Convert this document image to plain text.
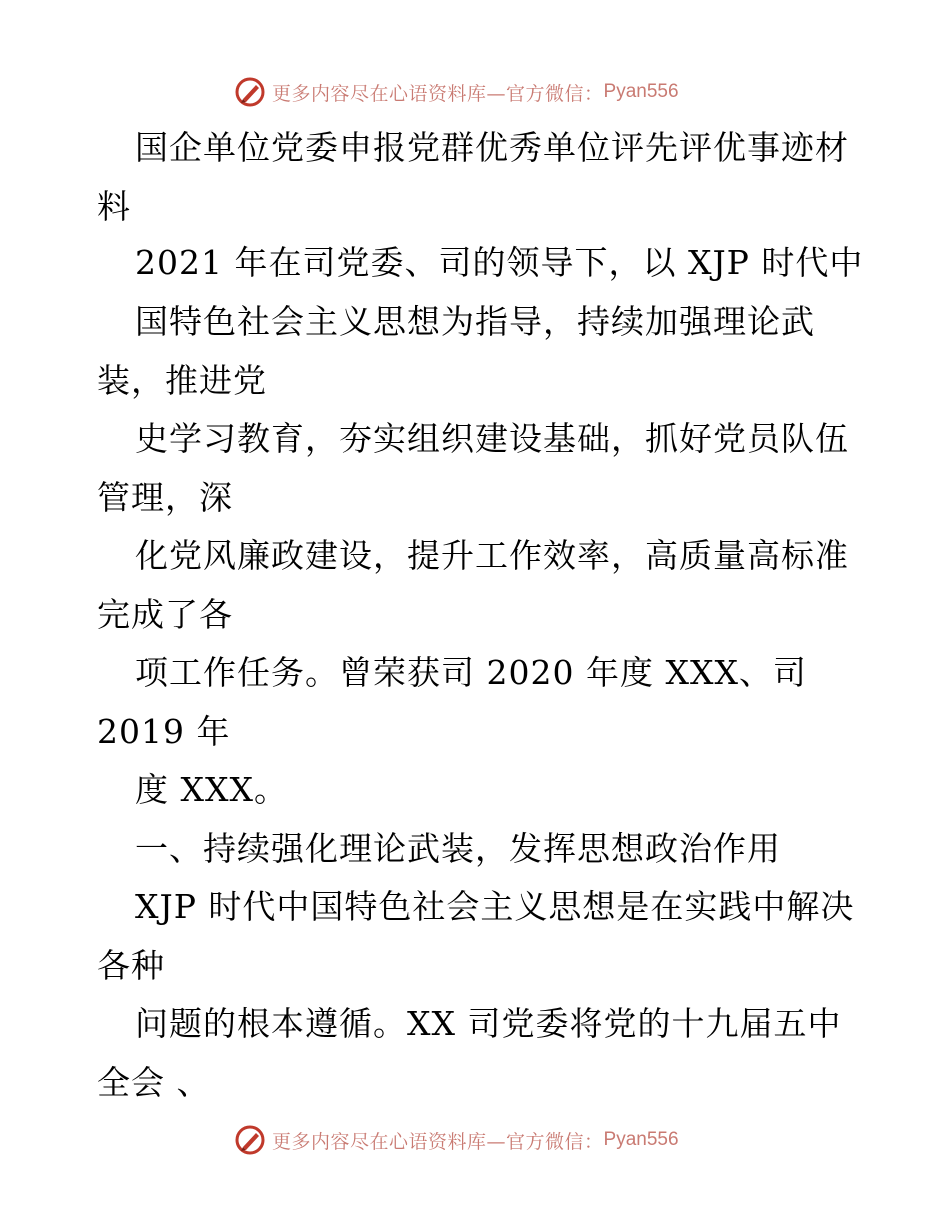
更多内容尽在心语资料库—官方微信： Pyan556

国企单位党委申报党群优秀单位评先评优事迹材

料

2021 年在司党委、司的领导下，以 XJP 时代中

国特色社会主义思想为指导，持续加强理论武

装，推进党

史学习教育，夯实组织建设基础，抓好党员队伍

管理，深

化党风廉政建设，提升工作效率，高质量高标准

完成了各

项工作任务。曾荣获司 2020 年度 XXX、司

2019 年

度 XXX。

一、持续强化理论武装，发挥思想政治作用

XJP 时代中国特色社会主义思想是在实践中解决

各种

问题的根本遵循。XX 司党委将党的十九届五中

全会 、

更多内容尽在心语资料库—官方微信： Pyan556
